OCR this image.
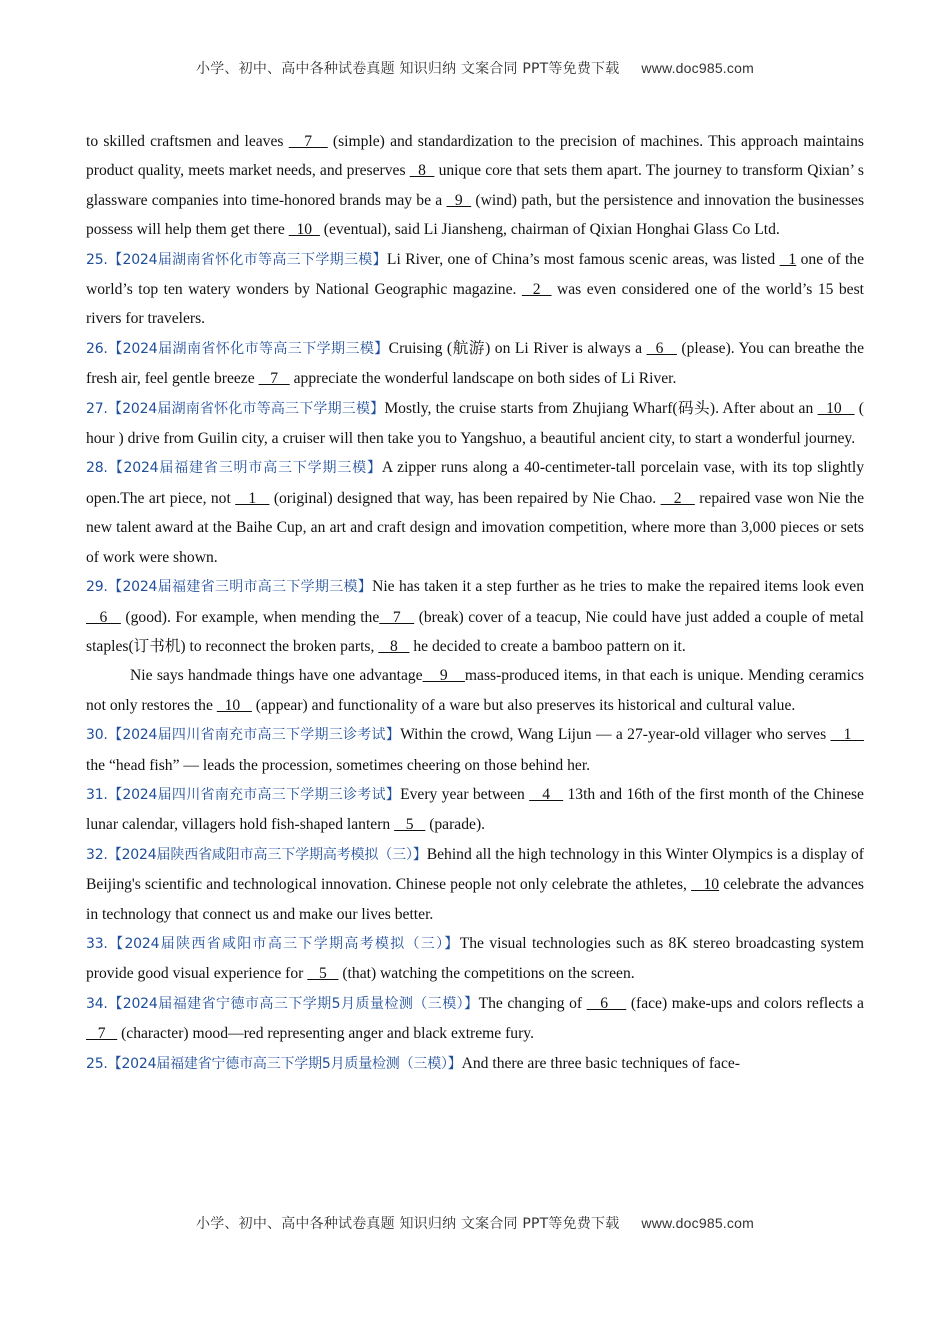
小学、初中、高中各种试卷真题 知识归纳 文案合同 PPT等免费下载 www.doc985.com

to skilled craftsmen and leaves    7    (simple) and standardization to the precision of machines. This approach maintains product quality, meets market needs, and preserves   8   unique core that sets them apart. The journey to transform Qixian’ s glassware companies into time-honored brands may be a   9   (wind) path, but the persistence and innovation the businesses possess will help them get there   10   (eventual), said Li Jiansheng, chairman of Qixian Honghai Glass Co Ltd.

25.【2024届湖南省怀化市等高三下学期三模】Li River, one of China’s most famous scenic areas, was listed   1 one of the world’s top ten watery wonders by National Geographic magazine.   2   was even considered one of the world’s 15 best rivers for travelers.

26.【2024届湖南省怀化市等高三下学期三模】Cruising (航游) on Li River is always a   6    (please). You can breathe the fresh air, feel gentle breeze    7    appreciate the wonderful landscape on both sides of Li River.

27.【2024届湖南省怀化市等高三下学期三模】Mostly, the cruise starts from Zhujiang Wharf(码头). After about an   10    ( hour ) drive from Guilin city, a cruiser will then take you to Yangshuo, a beautiful ancient city, to start a wonderful journey.

28.【2024届福建省三明市高三下学期三模】A zipper runs along a 40-centimeter-tall porcelain vase, with its top slightly open.The art piece, not    1    (original) designed that way, has been repaired by Nie Chao.    2    repaired vase won Nie the new talent award at the Baihe Cup, an art and craft design and imovation competition, where more than 3,000 pieces or sets of work were shown.

29.【2024届福建省三明市高三下学期三模】Nie has taken it a step further as he tries to make the repaired items look even   6    (good). For example, when mending the   7    (break) cover of a teacup, Nie could have just added a couple of metal staples(订书机) to reconnect the broken parts,    8    he decided to create a bamboo pattern on it.

Nie says handmade things have one advantage    9    mass-produced items, in that each is unique. Mending ceramics not only restores the   10    (appear) and functionality of a ware but also preserves its historical and cultural value.

30.【2024届四川省南充市高三下学期三诊考试】Within the crowd, Wang Lijun — a 27-year-old villager who serves    1    the “head fish” — leads the procession, sometimes cheering on those behind her.

31.【2024届四川省南充市高三下学期三诊考试】Every year between    4    13th and 16th of the first month of the Chinese lunar calendar, villagers hold fish-shaped lantern    5    (parade).

32.【2024届陕西省咸阳市高三下学期高考模拟（三）】Behind all the high technology in this Winter Olympics is a display of Beijing's scientific and technological innovation. Chinese people not only celebrate the athletes,    10 celebrate the advances in technology that connect us and make our lives better.

33.【2024届陕西省咸阳市高三下学期高考模拟（三）】The visual technologies such as 8K stereo broadcasting system provide good visual experience for    5    (that) watching the competitions on the screen.

34.【2024届福建省宁德市高三下学期5月质量检测（三模）】The changing of    6     (face) make-ups and colors reflects a    7    (character) mood—red representing anger and black extreme fury.

25.【2024届福建省宁德市高三下学期5月质量检测（三模）】And there are three basic techniques of face-

小学、初中、高中各种试卷真题 知识归纳 文案合同 PPT等免费下载 www.doc985.com
